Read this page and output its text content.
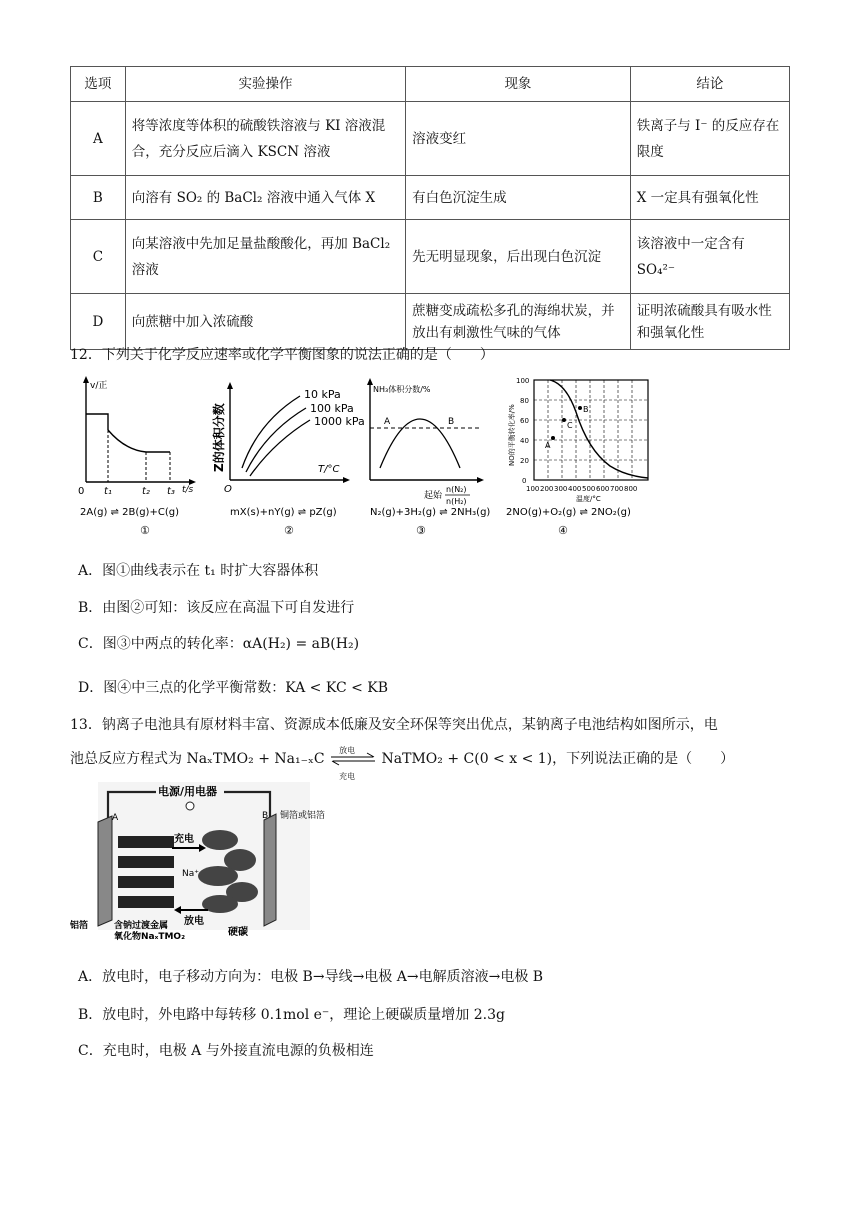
选项	实验操作	现象	结论
A	将等浓度等体积的硫酸铁溶液与 KI 溶液混合，充分反应后滴入 KSCN 溶液	溶液变红	铁离子与 I⁻ 的反应存在限度
B	向溶有 SO₂ 的 BaCl₂ 溶液中通入气体 X	有白色沉淀生成	X 一定具有强氧化性
C	向某溶液中先加足量盐酸酸化，再加 BaCl₂ 溶液	先无明显现象，后出现白色沉淀	该溶液中一定含有 SO₄²⁻
D	向蔗糖中加入浓硫酸	蔗糖变成疏松多孔的海绵状炭，并放出有刺激性气味的气体	证明浓硫酸具有吸水性和强氧化性
12．下列关于化学反应速率或化学平衡图象的说法正确的是（　　）
v/正
0 t₁	t₂ t₃ t/s
2A(g) ⇌ 2B(g)+C(g)
①
Z的体积分数
10 kPa
100 kPa
1000 kPa
O
T/°C
mX(s)+nY(g) ⇌ pZ(g)
②
NH₃体积分数/%
A	B
起始
n(N₂)
n(H₂)
N₂(g)+3H₂(g) ⇌ 2NH₃(g)
③
A
B
C
0
20
40
60
80
100
NO的平衡转化率/%
100 200 300 400 500 600 700 800
温度/°C
2NO(g)+O₂(g) ⇌ 2NO₂(g)
④
A．图①曲线表示在 t₁ 时扩大容器体积
B．由图②可知：该反应在高温下可自发进行
C．图③中两点的转化率：αA(H₂) = aB(H₂)
D．图④中三点的化学平衡常数：KA < KC < KB
13．钠离子电池具有原材料丰富、资源成本低廉及安全环保等突出优点，某钠离子电池结构如图所示，电
池总反应方程式为 NaₓTMO₂ + Na₁₋ₓC
放电
充电
NaTMO₂ + C(0 < x < 1)，下列说法正确的是（　　）
电源/用电器
A	B 铜箔或铝箔
充电
Na⁺
放电
铝箔	含钠过渡金属
氧化物NaₓTMO₂	硬碳
A．放电时，电子移动方向为：电极 B→导线→电极 A→电解质溶液→电极 B
B．放电时，外电路中每转移 0.1mol e⁻，理论上硬碳质量增加 2.3g
C．充电时，电极 A 与外接直流电源的负极相连
